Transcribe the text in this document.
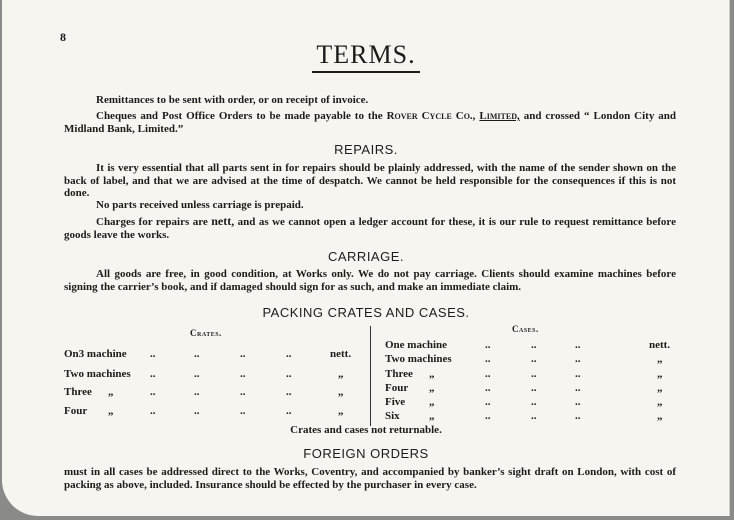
8
TERMS.

Remittances to be sent with order, or on receipt of invoice.

Cheques and Post Office Orders to be made payable to the Rover Cycle Co., Limited, and crossed “ London City and Midland Bank, Limited.”

REPAIRS.

It is very essential that all parts sent in for repairs should be plainly addressed, with the name of the sender shown on the back of label, and that we are advised at the time of despatch. We cannot be held responsible for the consequences if this is not done.

No parts received unless carriage is prepaid.

Charges for repairs are nett, and as we cannot open a ledger account for these, it is our rule to request remittance before goods leave the works.

CARRIAGE.

All goods are free, in good condition, at Works only. We do not pay carriage. Clients should examine machines before signing the carrier’s book, and if damaged should sign for as such, and make an immediate claim.

PACKING CRATES AND CASES.
Crates.	Cases.
On3 machine ..	..	..	..	nett.
Two machines ..	..	..	..	„
Three „	..	..	..	..	„
Four „	..	..	..	..	„
One machine	..	..	..	nett.
Two machines	..	..	..	„
Three „	..	..	..	„
Four „	..	..	..	„
Five „	..	..	..	„
Six	„	..	..	..	„
Crates and cases not returnable.
FOREIGN ORDERS

must in all cases be addressed direct to the Works, Coventry, and accompanied by banker’s sight draft on London, with cost of packing as above, included. Insurance should be effected by the purchaser in every case.
